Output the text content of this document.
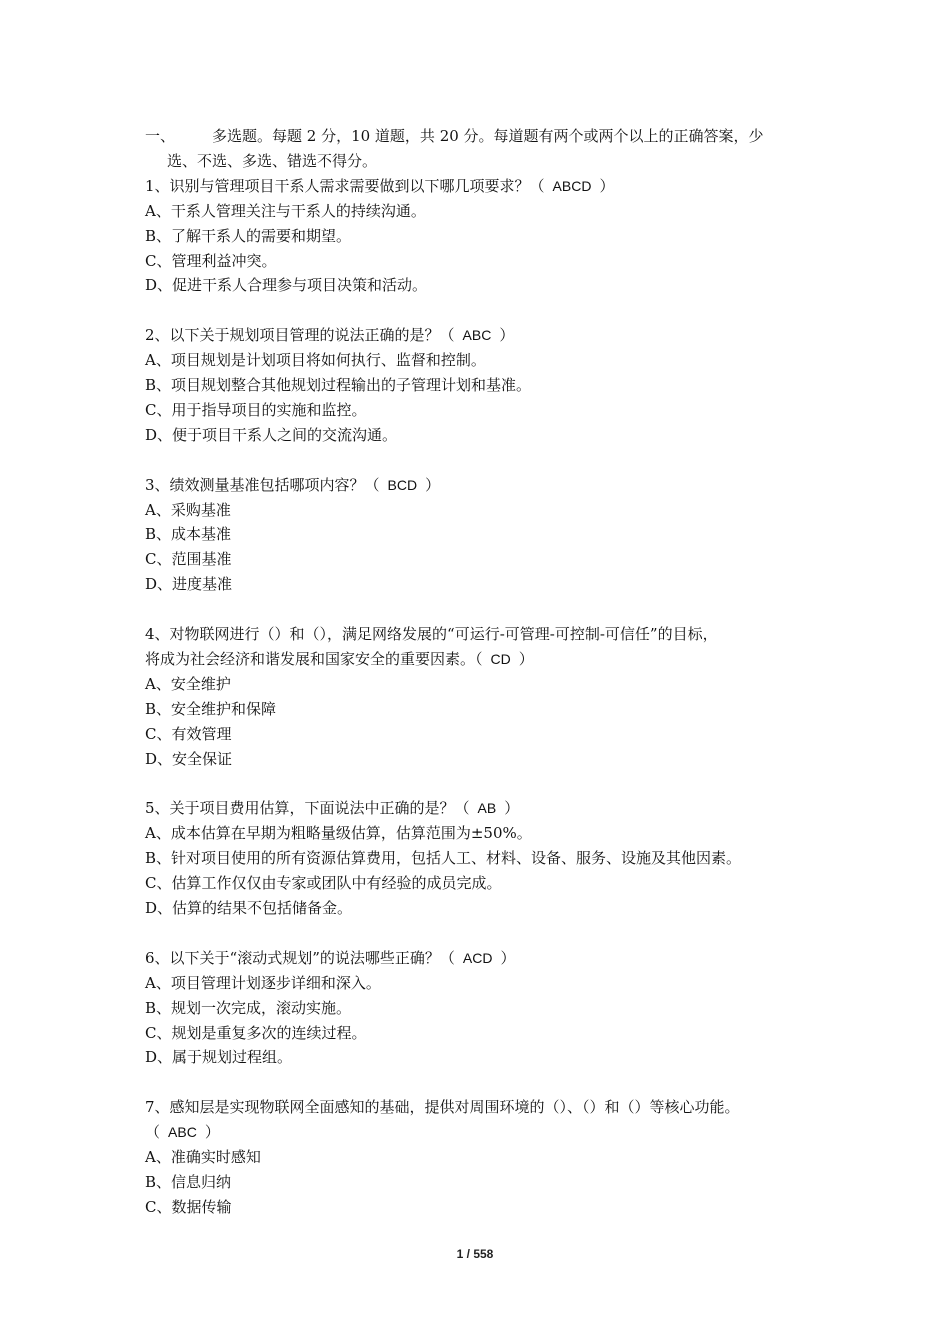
一、 多选题。每题 2 分，10 道题，共 20 分。每道题有两个或两个以上的正确答案，少
选、不选、多选、错选不得分。
1、识别与管理项目干系人需求需要做到以下哪几项要求？（ ABCD ）
A、干系人管理关注与干系人的持续沟通。
B、了解干系人的需要和期望。
C、管理利益冲突。
D、促进干系人合理参与项目决策和活动。
2、以下关于规划项目管理的说法正确的是？（ ABC ）
A、项目规划是计划项目将如何执行、监督和控制。
B、项目规划整合其他规划过程输出的子管理计划和基准。
C、用于指导项目的实施和监控。
D、便于项目干系人之间的交流沟通。
3、绩效测量基准包括哪项内容？（ BCD ）
A、采购基准
B、成本基准
C、范围基准
D、进度基准
4、对物联网进行（）和（），满足网络发展的“可运行-可管理-可控制-可信任”的目标，
将成为社会经济和谐发展和国家安全的重要因素。（ CD ）
A、安全维护
B、安全维护和保障
C、有效管理
D、安全保证
5、关于项目费用估算，下面说法中正确的是？（ AB ）
A、成本估算在早期为粗略量级估算，估算范围为±50%。
B、针对项目使用的所有资源估算费用，包括人工、材料、设备、服务、设施及其他因素。
C、估算工作仅仅由专家或团队中有经验的成员完成。
D、估算的结果不包括储备金。
6、以下关于“滚动式规划”的说法哪些正确？（ ACD ）
A、项目管理计划逐步详细和深入。
B、规划一次完成，滚动实施。
C、规划是重复多次的连续过程。
D、属于规划过程组。
7、感知层是实现物联网全面感知的基础，提供对周围环境的（）、（）和（）等核心功能。
（ ABC ）
A、准确实时感知
B、信息归纳
C、数据传输
1 / 558
